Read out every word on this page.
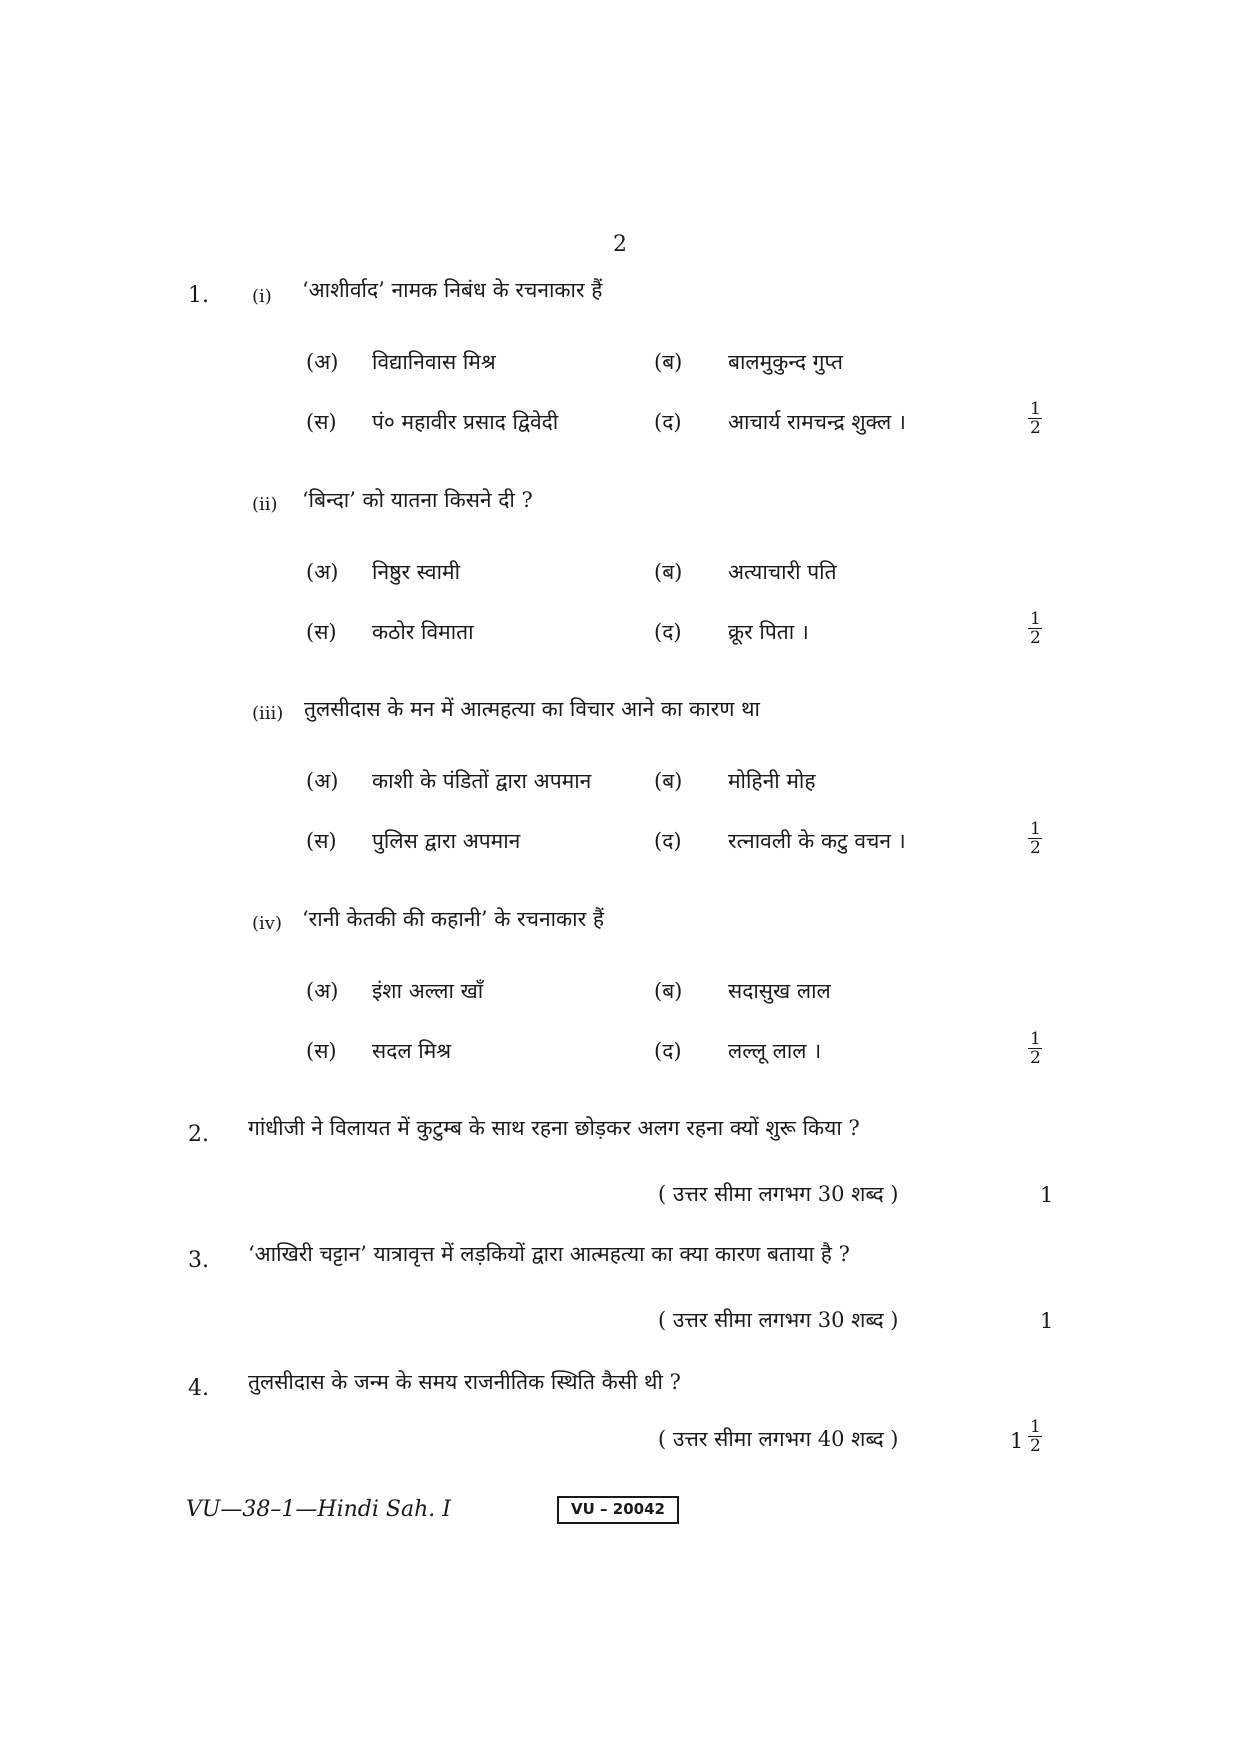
2
1. (i) ‘आशीर्वाद’ नामक निबंध के रचनाकार हैं
(अ) विद्यानिवास मिश्र	(ब) बालमुकुन्द गुप्त
(स) पं० महावीर प्रसाद द्विवेदी	(द) आचार्य रामचन्द्र शुक्ल ।
1
2
(ii) ‘बिन्दा’ को यातना किसने दी ?
(अ) निष्ठुर स्वामी	(ब) अत्याचारी पति
(स) कठोर विमाता	(द) क्रूर पिता ।
1
2
(iii) तुलसीदास के मन में आत्महत्या का विचार आने का कारण था
(अ) काशी के पंडितों द्वारा अपमान	(ब) मोहिनी मोह
(स) पुलिस द्वारा अपमान	(द) रत्नावली के कटु वचन ।	1
2
(iv) ‘रानी केतकी की कहानी’ के रचनाकार हैं
(अ) इंशा अल्ला खाँ	(ब) सदासुख लाल
(स) सदल मिश्र	(द) लल्लू लाल ।	1
2
2. गांधीजी ने विलायत में कुटुम्ब के साथ रहना छोड़कर अलग रहना क्यों शुरू किया ?
( उत्तर सीमा लगभग 30 शब्द )	1
3. ‘आखिरी चट्टान’ यात्रावृत्त में लड़कियों द्वारा आत्महत्या का क्या कारण बताया है ?
( उत्तर सीमा लगभग 30 शब्द )	1
4. तुलसीदास के जन्म के समय राजनीतिक स्थिति कैसी थी ?
( उत्तर सीमा लगभग 40 शब्द )	1
1
2
VU—38–1—Hindi Sah. I	VU – 20042
